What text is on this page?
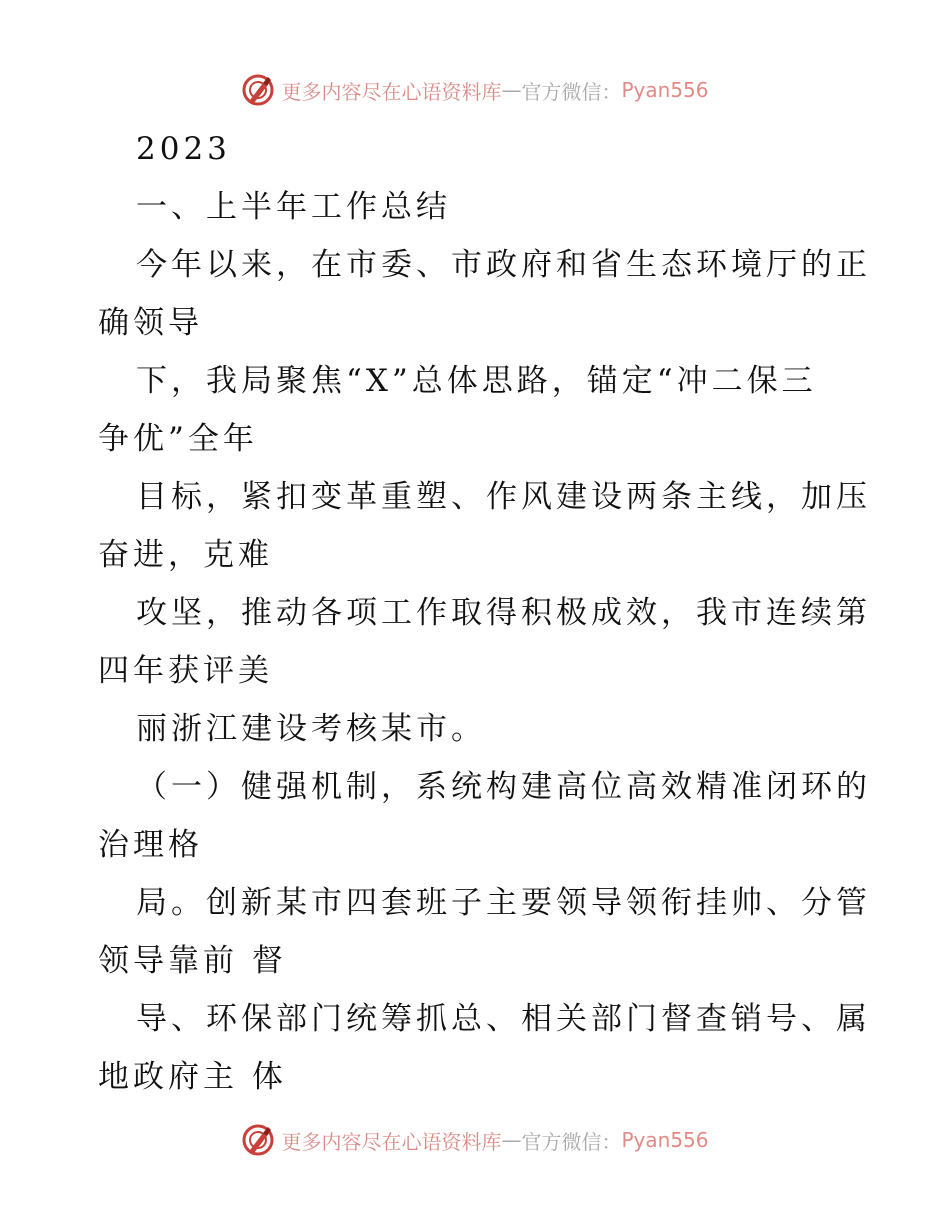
更多内容尽在心语资料库 — 官方微信： Pyan556

2023

一、上半年工作总结

今年以来，在市委、市政府和省生态环境厅的正
确领导

下，我局聚焦“X”总体思路，锚定“冲二保三
争优”全年

目标，紧扣变革重塑、作风建设两条主线，加压
奋进，克难

攻坚，推动各项工作取得积极成效，我市连续第
四年获评美

丽浙江建设考核某市。

（一）健强机制，系统构建高位高效精准闭环的
治理格

局。创新某市四套班子主要领导领衔挂帅、分管
领导靠前 督

导、环保部门统筹抓总、相关部门督查销号、属
地政府主 体

更多内容尽在心语资料库 — 官方微信： Pyan556
